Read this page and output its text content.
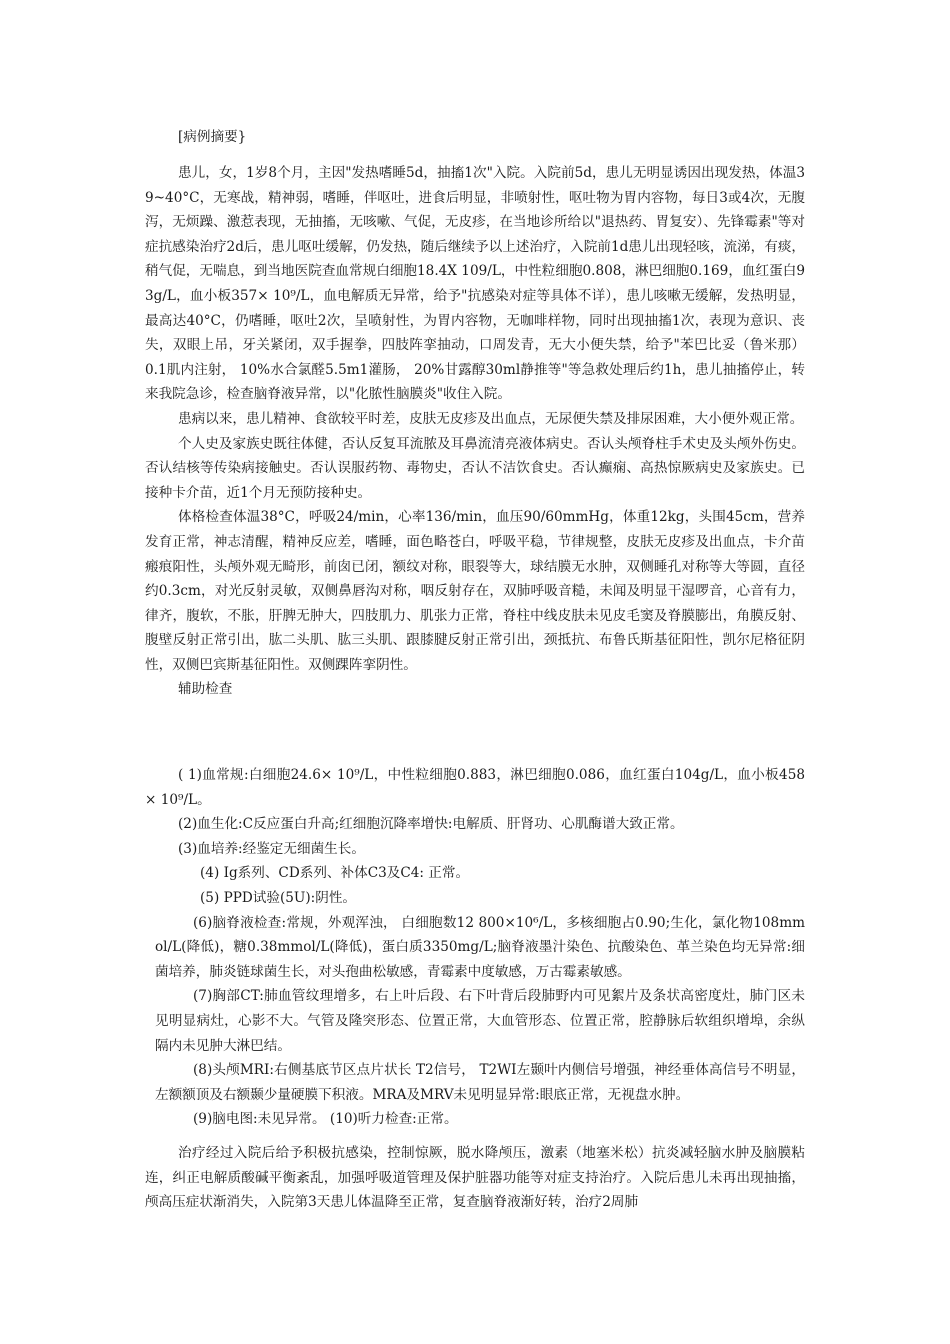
[病例摘要}

患儿，女，1岁8个月，主因"发热嗜睡5d，抽搐1次"入院。入院前5d，患儿无明显诱因出现发热，体温39~40°C，无寒战，精神弱，嗜睡，伴呕吐，进食后明显，非喷射性，呕吐物为胃内容物，每日3或4次，无腹泻，无烦躁、激惹表现，无抽搐，无咳嗽、气促，无皮疹，在当地诊所给以"退热药、胃复安）、先锋霉素"等对症抗感染治疗2d后，患儿呕吐缓解，仍发热，随后继续予以上述治疗，入院前1d患儿出现轻咳，流涕，有痰，稍气促，无喘息，到当地医院查血常规白细胞18.4X 109/L，中性粒细胞0.808，淋巴细胞0.169，血红蛋白93g/L，血小板357× 10⁹/L，血电解质无异常，给予"抗感染对症等具体不详），患儿咳嗽无缓解，发热明显，最高达40°C，仍嗜睡，呕吐2次，呈喷射性，为胃内容物，无咖啡样物，同时出现抽搐1次，表现为意识、丧失，双眼上吊，牙关紧闭，双手握拳，四肢阵挛抽动，口周发青，无大小便失禁，给予"苯巴比妥（鲁米那） 0.1肌内注射， 10%水合氯醛5.5m1灌肠， 20%甘露醇30ml静推等"等急救处理后约1h，患儿抽搐停止，转来我院急诊，检查脑脊液异常，以"化脓性脑膜炎"收住入院。

患病以来，患儿精神、食欲较平时差，皮肤无皮疹及出血点，无尿便失禁及排尿困难，大小便外观正常。

个人史及家族史既往体健，否认反复耳流脓及耳鼻流清亮液体病史。否认头颅脊柱手术史及头颅外伤史。否认结核等传染病接触史。否认误服药物、毒物史，否认不洁饮食史。否认癫痫、高热惊厥病史及家族史。已接种卡介苗，近1个月无预防接种史。

体格检查体温38°C，呼吸24/min，心率136/min，血压90/60mmHg，体重12kg，头围45cm，营养发育正常，神志清醒，精神反应差，嗜睡，面色略苍白，呼吸平稳，节律规整，皮肤无皮疹及出血点，卡介苗瘢痕阳性，头颅外观无畸形，前囱已闭，额纹对称，眼裂等大，球结膜无水肿，双侧睡孔对称等大等圆，直径约0.3cm，对光反射灵敏，双侧鼻唇沟对称，咽反射存在，双肺呼吸音糙，未闻及明显干湿啰音，心音有力，律齐，腹软，不胀，肝脾无肿大，四肢肌力、肌张力正常，脊柱中线皮肤未见皮毛窦及脊膜膨出，角膜反射、腹壁反射正常引出，肱二头肌、肱三头肌、跟膝腱反射正常引出，颈抵抗、布鲁氏斯基征阳性，凯尔尼格征阴性，双侧巴宾斯基征阳性。双侧踝阵挛阴性。

辅助检查

( 1)血常规:白细胞24.6× 10⁹/L，中性粒细胞0.883，淋巴细胞0.086，血红蛋白104g/L，血小板458× 10⁹/L。

(2)血生化:C反应蛋白升高;红细胞沉降率增快:电解质、肝肾功、心肌酶谱大致正常。

(3)血培养:经鉴定无细菌生长。

(4) Ig系列、CD系列、补体C3及C4: 正常。

(5) PPD试验(5U):阴性。

(6)脑脊液检查:常规，外观浑浊， 白细胞数12 800×10⁶/L，多核细胞占0.90;生化，氯化物108mmol/L(降低)，糖0.38mmol/L(降低)，蛋白质3350mg/L;脑脊液墨汁染色、抗酸染色、革兰染色均无异常:细菌培养，肺炎链球菌生长，对头孢曲松敏感，青霉素中度敏感，万古霉素敏感。

(7)胸部CT:肺血管纹理增多，右上叶后段、右下叶背后段肺野内可见絮片及条状高密度灶，肺门区未见明显病灶，心影不大。气管及隆突形态、位置正常，大血管形态、位置正常，腔静脉后软组织增埠，余纵隔内未见肿大淋巴结。

(8)头颅MRI:右侧基底节区点片状长 T2信号， T2WI左颞叶内侧信号增强，神经垂体高信号不明显，左额额顶及右额颞少量硬膜下积液。MRA及MRV未见明显异常:眼底正常，无视盘水肿。

(9)脑电图:未见异常。 (10)听力检查:正常。

治疗经过入院后给予积极抗感染，控制惊厥，脱水降颅压，激素（地塞米松）抗炎减轻脑水肿及脑膜粘连，纠正电解质酸碱平衡紊乱，加强呼吸道管理及保护脏器功能等对症支持治疗。入院后患儿未再出现抽搐，颅高压症状渐消失，入院第3天患儿体温降至正常，复查脑脊液渐好转，治疗2周肺
